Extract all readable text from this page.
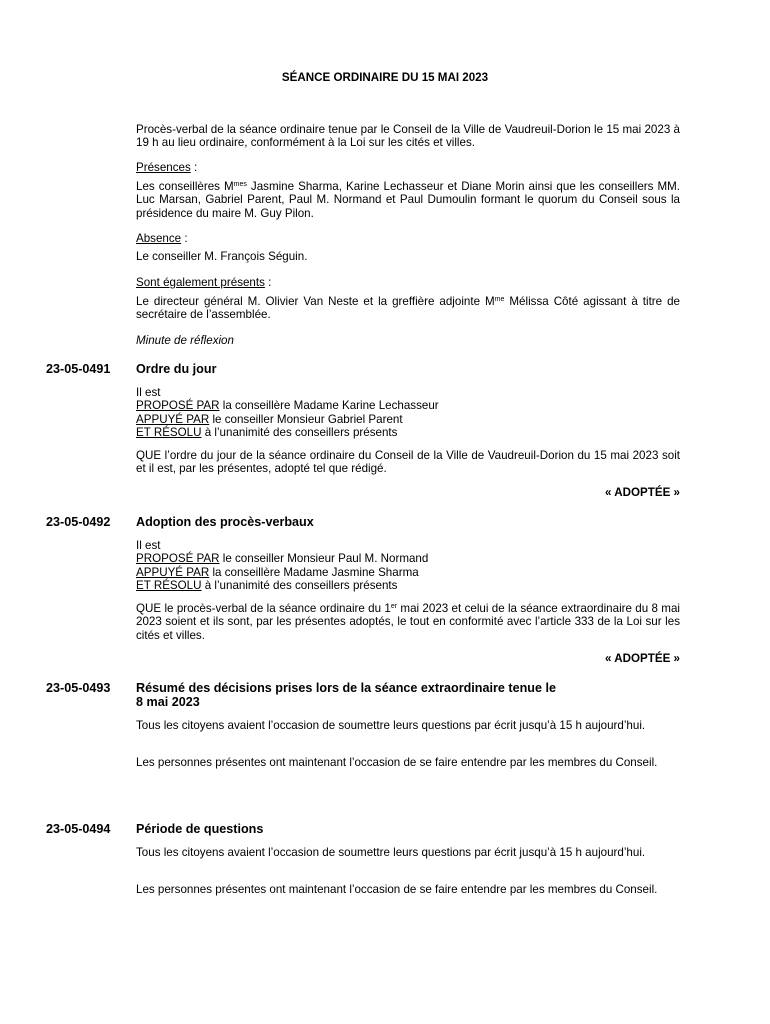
SÉANCE ORDINAIRE DU 15 MAI 2023

Procès-verbal de la séance ordinaire tenue par le Conseil de la Ville de Vaudreuil-Dorion le 15 mai 2023 à 19 h au lieu ordinaire, conformément à la Loi sur les cités et villes.

Présences :

Les conseillères $M^{mes}$ Jasmine Sharma, Karine Lechasseur et Diane Morin ainsi que les conseillers MM. Luc Marsan, Gabriel Parent, Paul M. Normand et Paul Dumoulin formant le quorum du Conseil sous la présidence du maire M. Guy Pilon.

Absence :

Le conseiller M. François Séguin.

Sont également présents :

Le directeur général M. Olivier Van Neste et la greffière adjointe $M^{me}$ Mélissa Côté agissant à titre de secrétaire de l’assemblée.

Minute de réflexion

23-05-0491 Ordre du jour

Il est

PROPOSÉ PAR la conseillère Madame Karine Lechasseur

APPUYÉ PAR le conseiller Monsieur Gabriel Parent

ET RÉSOLU à l’unanimité des conseillers présents

QUE l’ordre du jour de la séance ordinaire du Conseil de la Ville de Vaudreuil-Dorion du 15 mai 2023 soit et il est, par les présentes, adopté tel que rédigé.

« ADOPTÉE »
23-05-0492 Adoption des procès-verbaux

Il est

PROPOSÉ PAR le conseiller Monsieur Paul M. Normand

APPUYÉ PAR la conseillère Madame Jasmine Sharma

ET RÉSOLU à l’unanimité des conseillers présents

QUE le procès-verbal de la séance ordinaire du 1er mai 2023 et celui de la séance extraordinaire du 8 mai 2023 soient et ils sont, par les présentes adoptés, le tout en conformité avec l’article 333 de la Loi sur les cités et villes.

« ADOPTÉE »
23-05-0493 Résumé des décisions prises lors de la séance extraordinaire tenue le
8 mai 2023

Tous les citoyens avaient l’occasion de soumettre leurs questions par écrit jusqu’à 15 h aujourd’hui.

Les personnes présentes ont maintenant l’occasion de se faire entendre par les membres du Conseil.

23-05-0494 Période de questions

Tous les citoyens avaient l’occasion de soumettre leurs questions par écrit jusqu’à 15 h aujourd’hui.

Les personnes présentes ont maintenant l’occasion de se faire entendre par les membres du Conseil.
